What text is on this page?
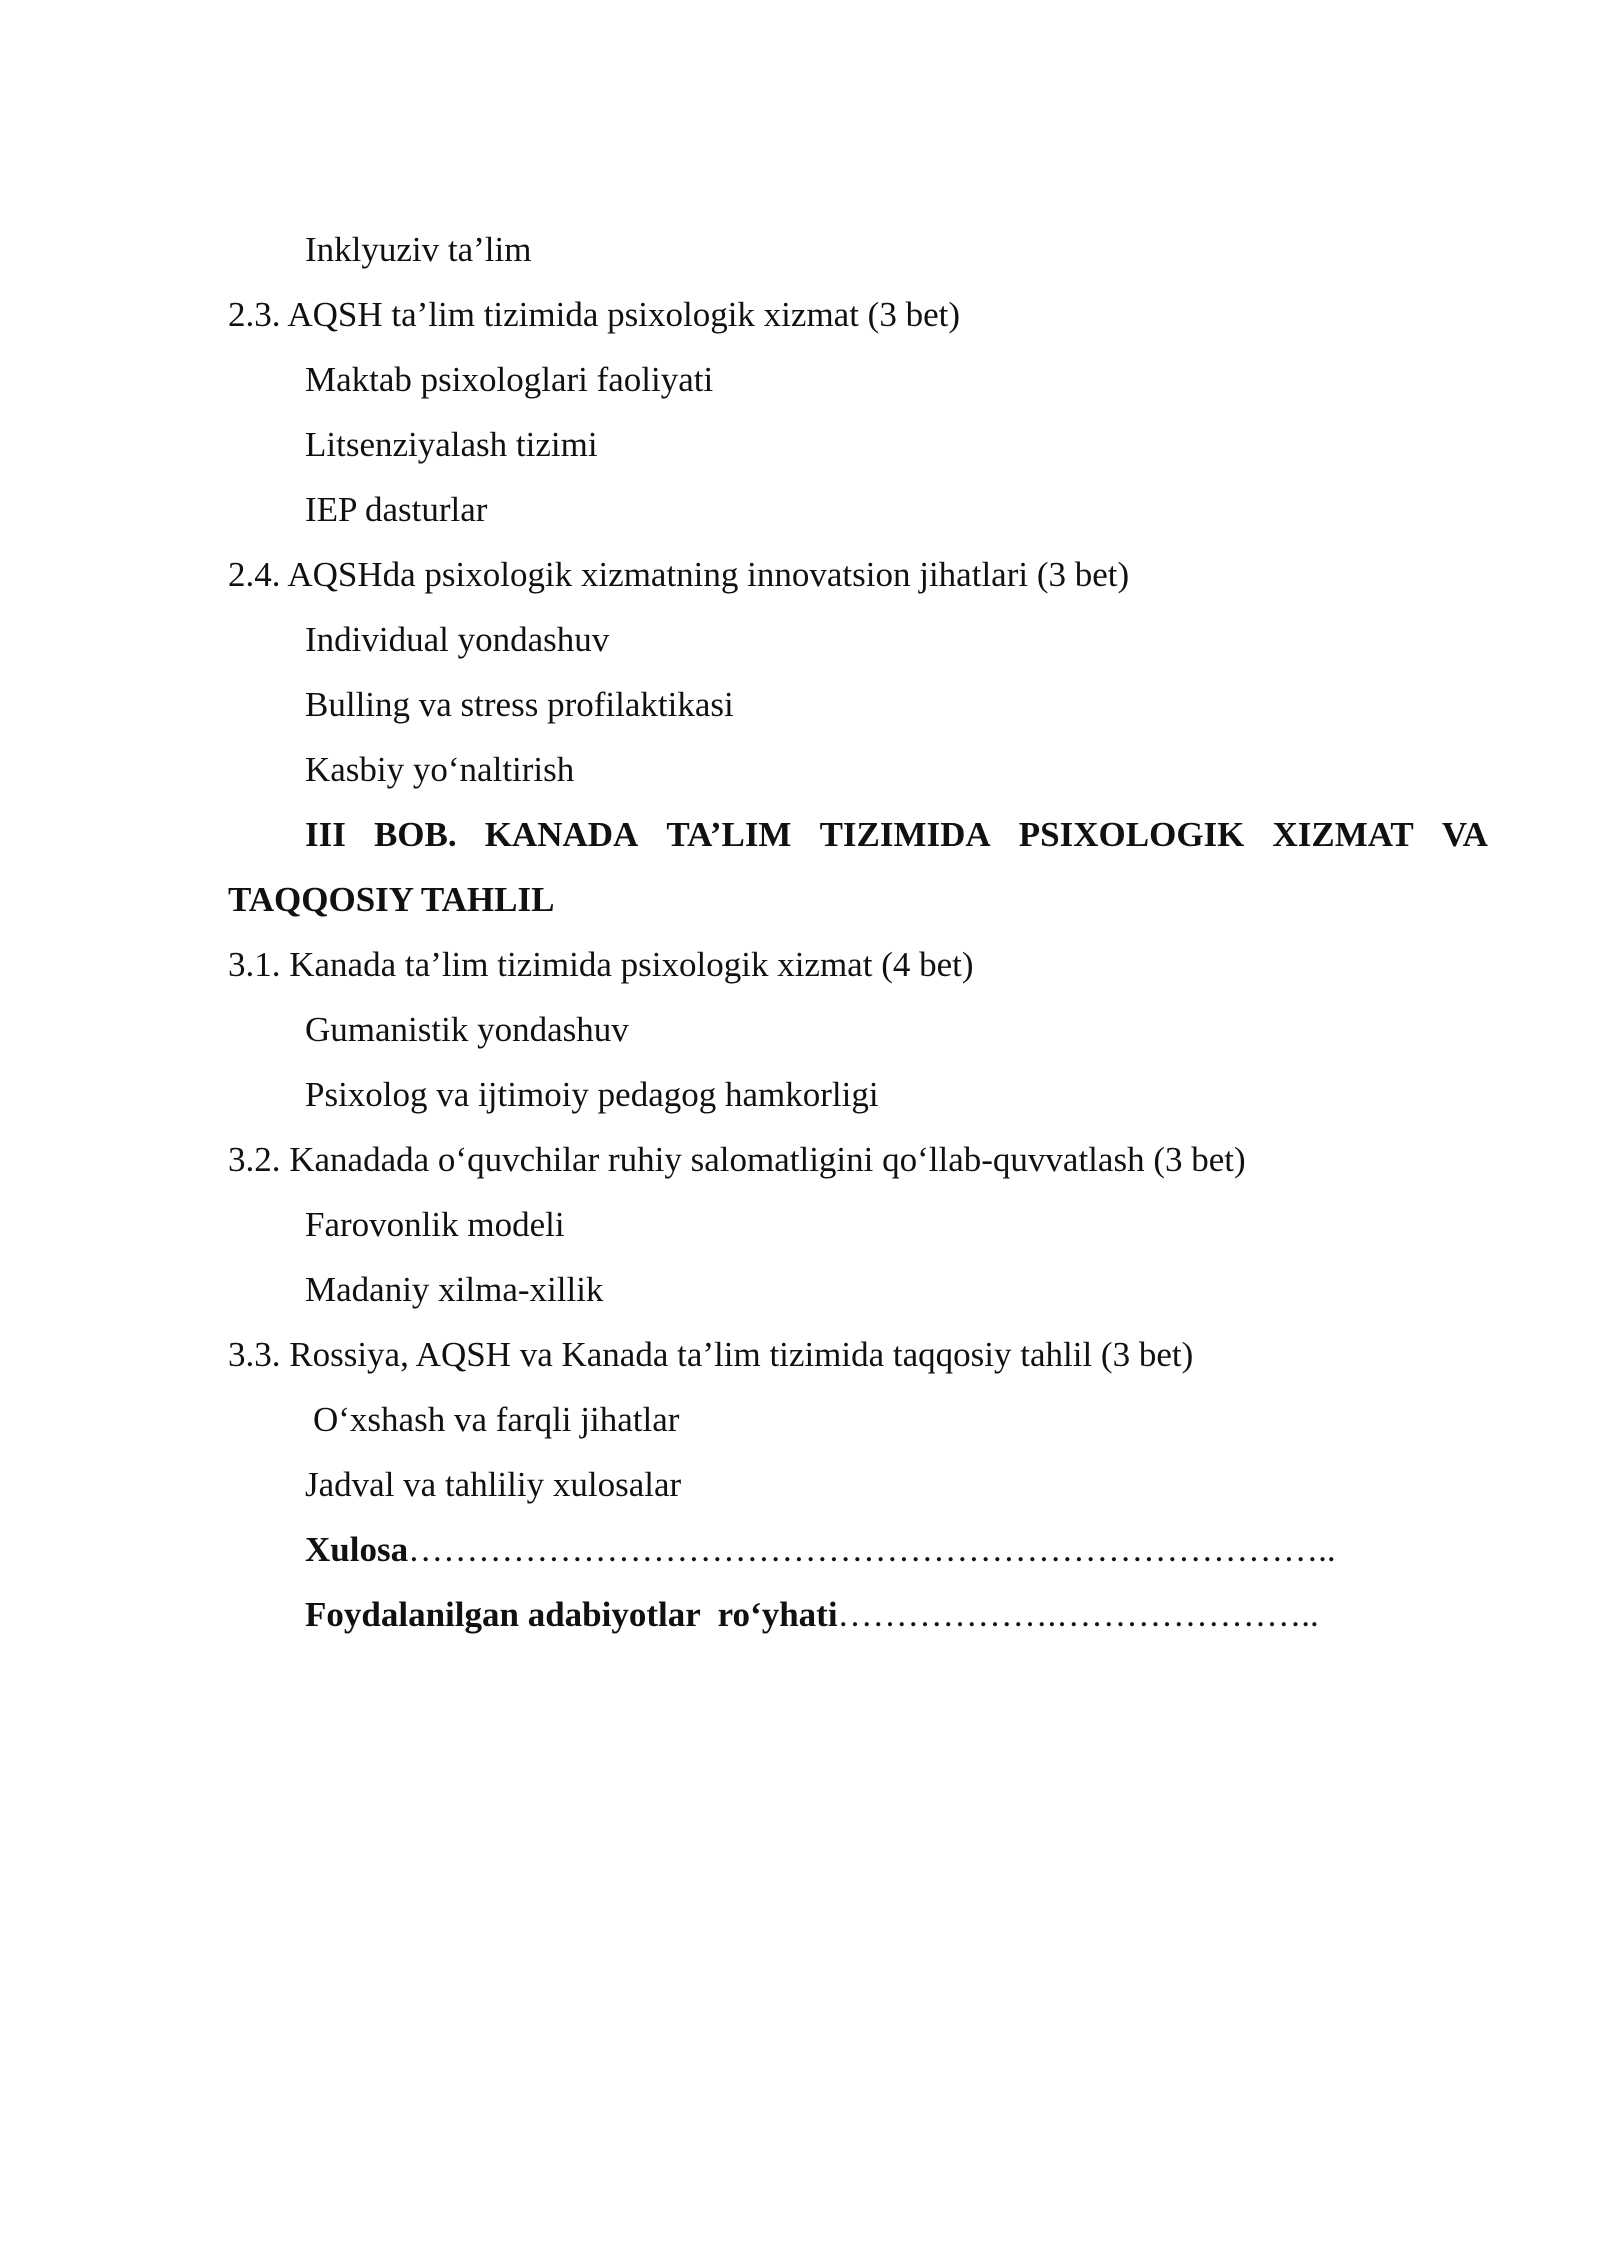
Inklyuziv ta’lim
2.3. AQSH ta’lim tizimida psixologik xizmat (3 bet)
Maktab psixologlari faoliyati
Litsenziyalash tizimi
IEP dasturlar
2.4. AQSHda psixologik xizmatning innovatsion jihatlari (3 bet)
Individual yondashuv
Bulling va stress profilaktikasi
Kasbiy yo‘naltirish
III BOB. KANADA TA’LIM TIZIMIDA PSIXOLOGIK XIZMAT VA
TAQQOSIY TAHLIL
3.1. Kanada ta’lim tizimida psixologik xizmat (4 bet)
Gumanistik yondashuv
Psixolog va ijtimoiy pedagog hamkorligi
3.2. Kanadada o‘quvchilar ruhiy salomatligini qo‘llab-quvvatlash (3 bet)
Farovonlik modeli
Madaniy xilma-xillik
3.3. Rossiya, AQSH va Kanada ta’lim tizimida taqqosiy tahlil (3 bet)
O‘xshash va farqli jihatlar
Jadval va tahliliy xulosalar
Xulosa……………………………………………………………………..
Foydalanilgan adabiyotlar  ro‘yhati……………….…………………..
